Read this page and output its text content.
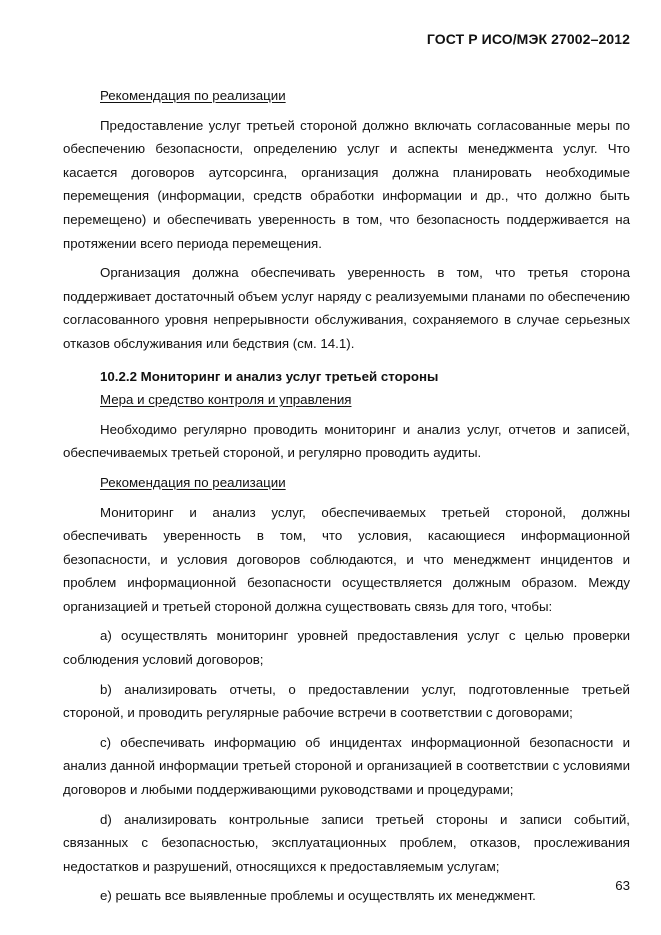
ГОСТ Р ИСО/МЭК 27002–2012

Рекомендация по реализации

Предоставление услуг третьей стороной должно включать согласованные меры по обеспечению безопасности, определению услуг и аспекты менеджмента услуг. Что касается договоров аутсорсинга, организация должна планировать необходимые перемещения (информации, средств обработки информации и др., что должно быть перемещено) и обеспечивать уверенность в том, что безопасность поддерживается на протяжении всего периода перемещения.

Организация должна обеспечивать уверенность в том, что третья сторона поддерживает достаточный объем услуг наряду с реализуемыми планами по обеспечению согласованного уровня непрерывности обслуживания, сохраняемого в случае серьезных отказов обслуживания или бедствия (см. 14.1).

10.2.2 Мониторинг и анализ услуг третьей стороны

Мера и средство контроля и управления

Необходимо регулярно проводить мониторинг и анализ услуг, отчетов и записей, обеспечиваемых третьей стороной, и регулярно проводить аудиты.

Рекомендация по реализации

Мониторинг и анализ услуг, обеспечиваемых третьей стороной, должны обеспечивать уверенность в том, что условия, касающиеся информационной безопасности, и условия договоров соблюдаются, и что менеджмент инцидентов и проблем информационной безопасности осуществляется должным образом. Между организацией и третьей стороной должна существовать связь для того, чтобы:

a) осуществлять мониторинг уровней предоставления услуг с целью проверки соблюдения условий договоров;

b) анализировать отчеты, о предоставлении услуг, подготовленные третьей стороной, и проводить регулярные рабочие встречи в соответствии с договорами;

c) обеспечивать информацию об инцидентах информационной безопасности и анализ данной информации третьей стороной и организацией в соответствии с условиями договоров и любыми поддерживающими руководствами и процедурами;

d) анализировать контрольные записи третьей стороны и записи событий, связанных с безопасностью, эксплуатационных проблем, отказов, прослеживания недостатков и разрушений, относящихся к предоставляемым услугам;

e) решать все выявленные проблемы и осуществлять их менеджмент.

63
